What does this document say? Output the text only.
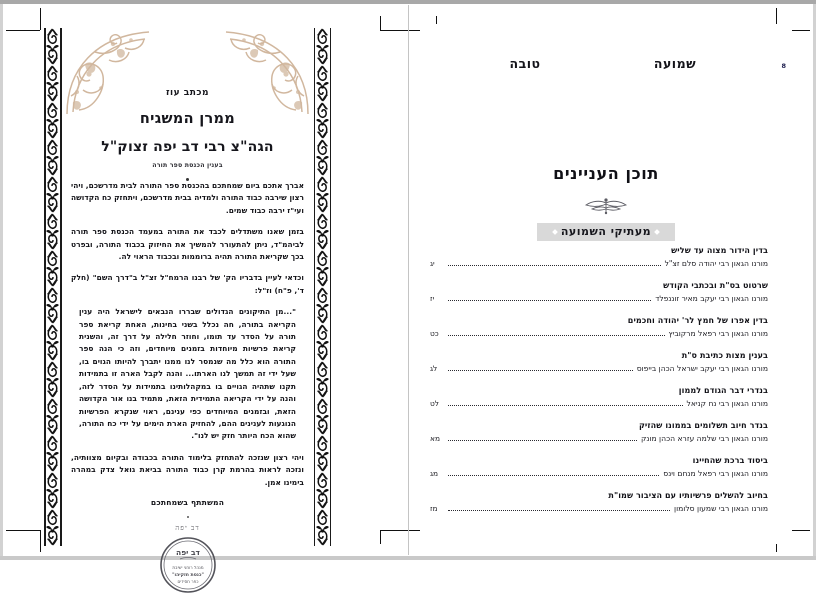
מכתב עוז
ממרן המשגיח
הגה"צ רבי דב יפה זצוק"ל
בענין הכנסת ספר תורה

אברך אתכם ביום שמחתכם בהכנסת ספר התורה לבית מדרשכם, ויהי רצון שירבה כבוד התורה ולמדיה בבית מדרשכם, ויתחזק כח הקדושה ועי"ז ירבה כבוד שמים.

בזמן שאנו משתדלים לכבד את התורה במעמד הכנסת ספר תורה לביהמ"ד, ניתן להתעורר להמשיך את החיזוק בכבוד התורה, ובפרט בכך שקריאת התורה תהיה ברוממות ובכבוד הראוי לה.

וכדאי לעיין בדבריו הק' של רבנו הרמח"ל זצ"ל ב"דרך השם" (חלק ד', פ"ח) וז"ל:

"...מן התיקונים הגדולים שבררו הנבאים לישראל היה ענין הקריאה בתורה, חה נכלל בשני בחינות, האחת קריאת ספר תורה על הסדר עד תומו, וחוזר חלילה על דרך זה, והשנית קריאת פרשיות מיוחדות בזמנים מיוחדים, וזה כי הנה ספר התורה הוא כלל מה שנמסר לנו ממנו יתברך להיותו הגוים בו, שעל ידי זה תמשך לנו הארתו... והנה לקבל הארה זו בתמידות תקנו שתהיה הגויים בו במקהלותינו בתמידות על הסדר לזה, והנה על ידי הקריאה התמידית הזאת, מתמיד בנו אור הקדושה הזאת, ובזמנים המיוחדים כפי ענינם, ראוי שנקרא הפרשיות הנוגעות לענינים ההם, להחזיק הארת הימים על ידי כח התורה, שהוא הכח היותר חזק יש לנו".

ויהי רצון שנזכה להתחזק בלימוד התורה בכבודה ובקיום מצוותיה, ונזכה לראות בהרמת קרן כבוד התורה בביאת גואל צדק במהרה בימינו אמן.

המשתתף בשמחתכם
דב יפה
דב יפה
מנהל רוחני ישיבת
"כנסת חזקיהו"
כפר חסידים
8
שמועה
טובה
תוכן העניינים
מעתיקי השמועה
בדין הידור מצוה עד שליש
מורנו הגאון רבי יהודה סלם זצ"ל
יג
שרטוט בס"ת ובכתבי הקודש
מורנו הגאון רבי יעקב מאיר זוננפלד
יז
בדין אפרו של חמץ לר' יהודה וחכמים
מורנו הגאון רבי רפאל מרקוביץ
כט
בענין מצות כתיבת ס"ת
מורנו הגאון רבי יעקב ישראל הכהן בייפוס
לג
בנדרי דבר הגודם לממון
מורנו הגאון רבי נח קניאל
לט
בנדר חיוב תשלומים בממונו שהזיק
מורנו הגאון רבי שלמה עזרא הכהן מונק
מא
ביסוד ברכת שהחיינו
מורנו הגאון רבי רפאל מנחם וינס
מג
בחיוב להשלים פרשיותיו עם הציבור שמו"ת
מורנו הגאון רבי שמעון סלומון
מז
